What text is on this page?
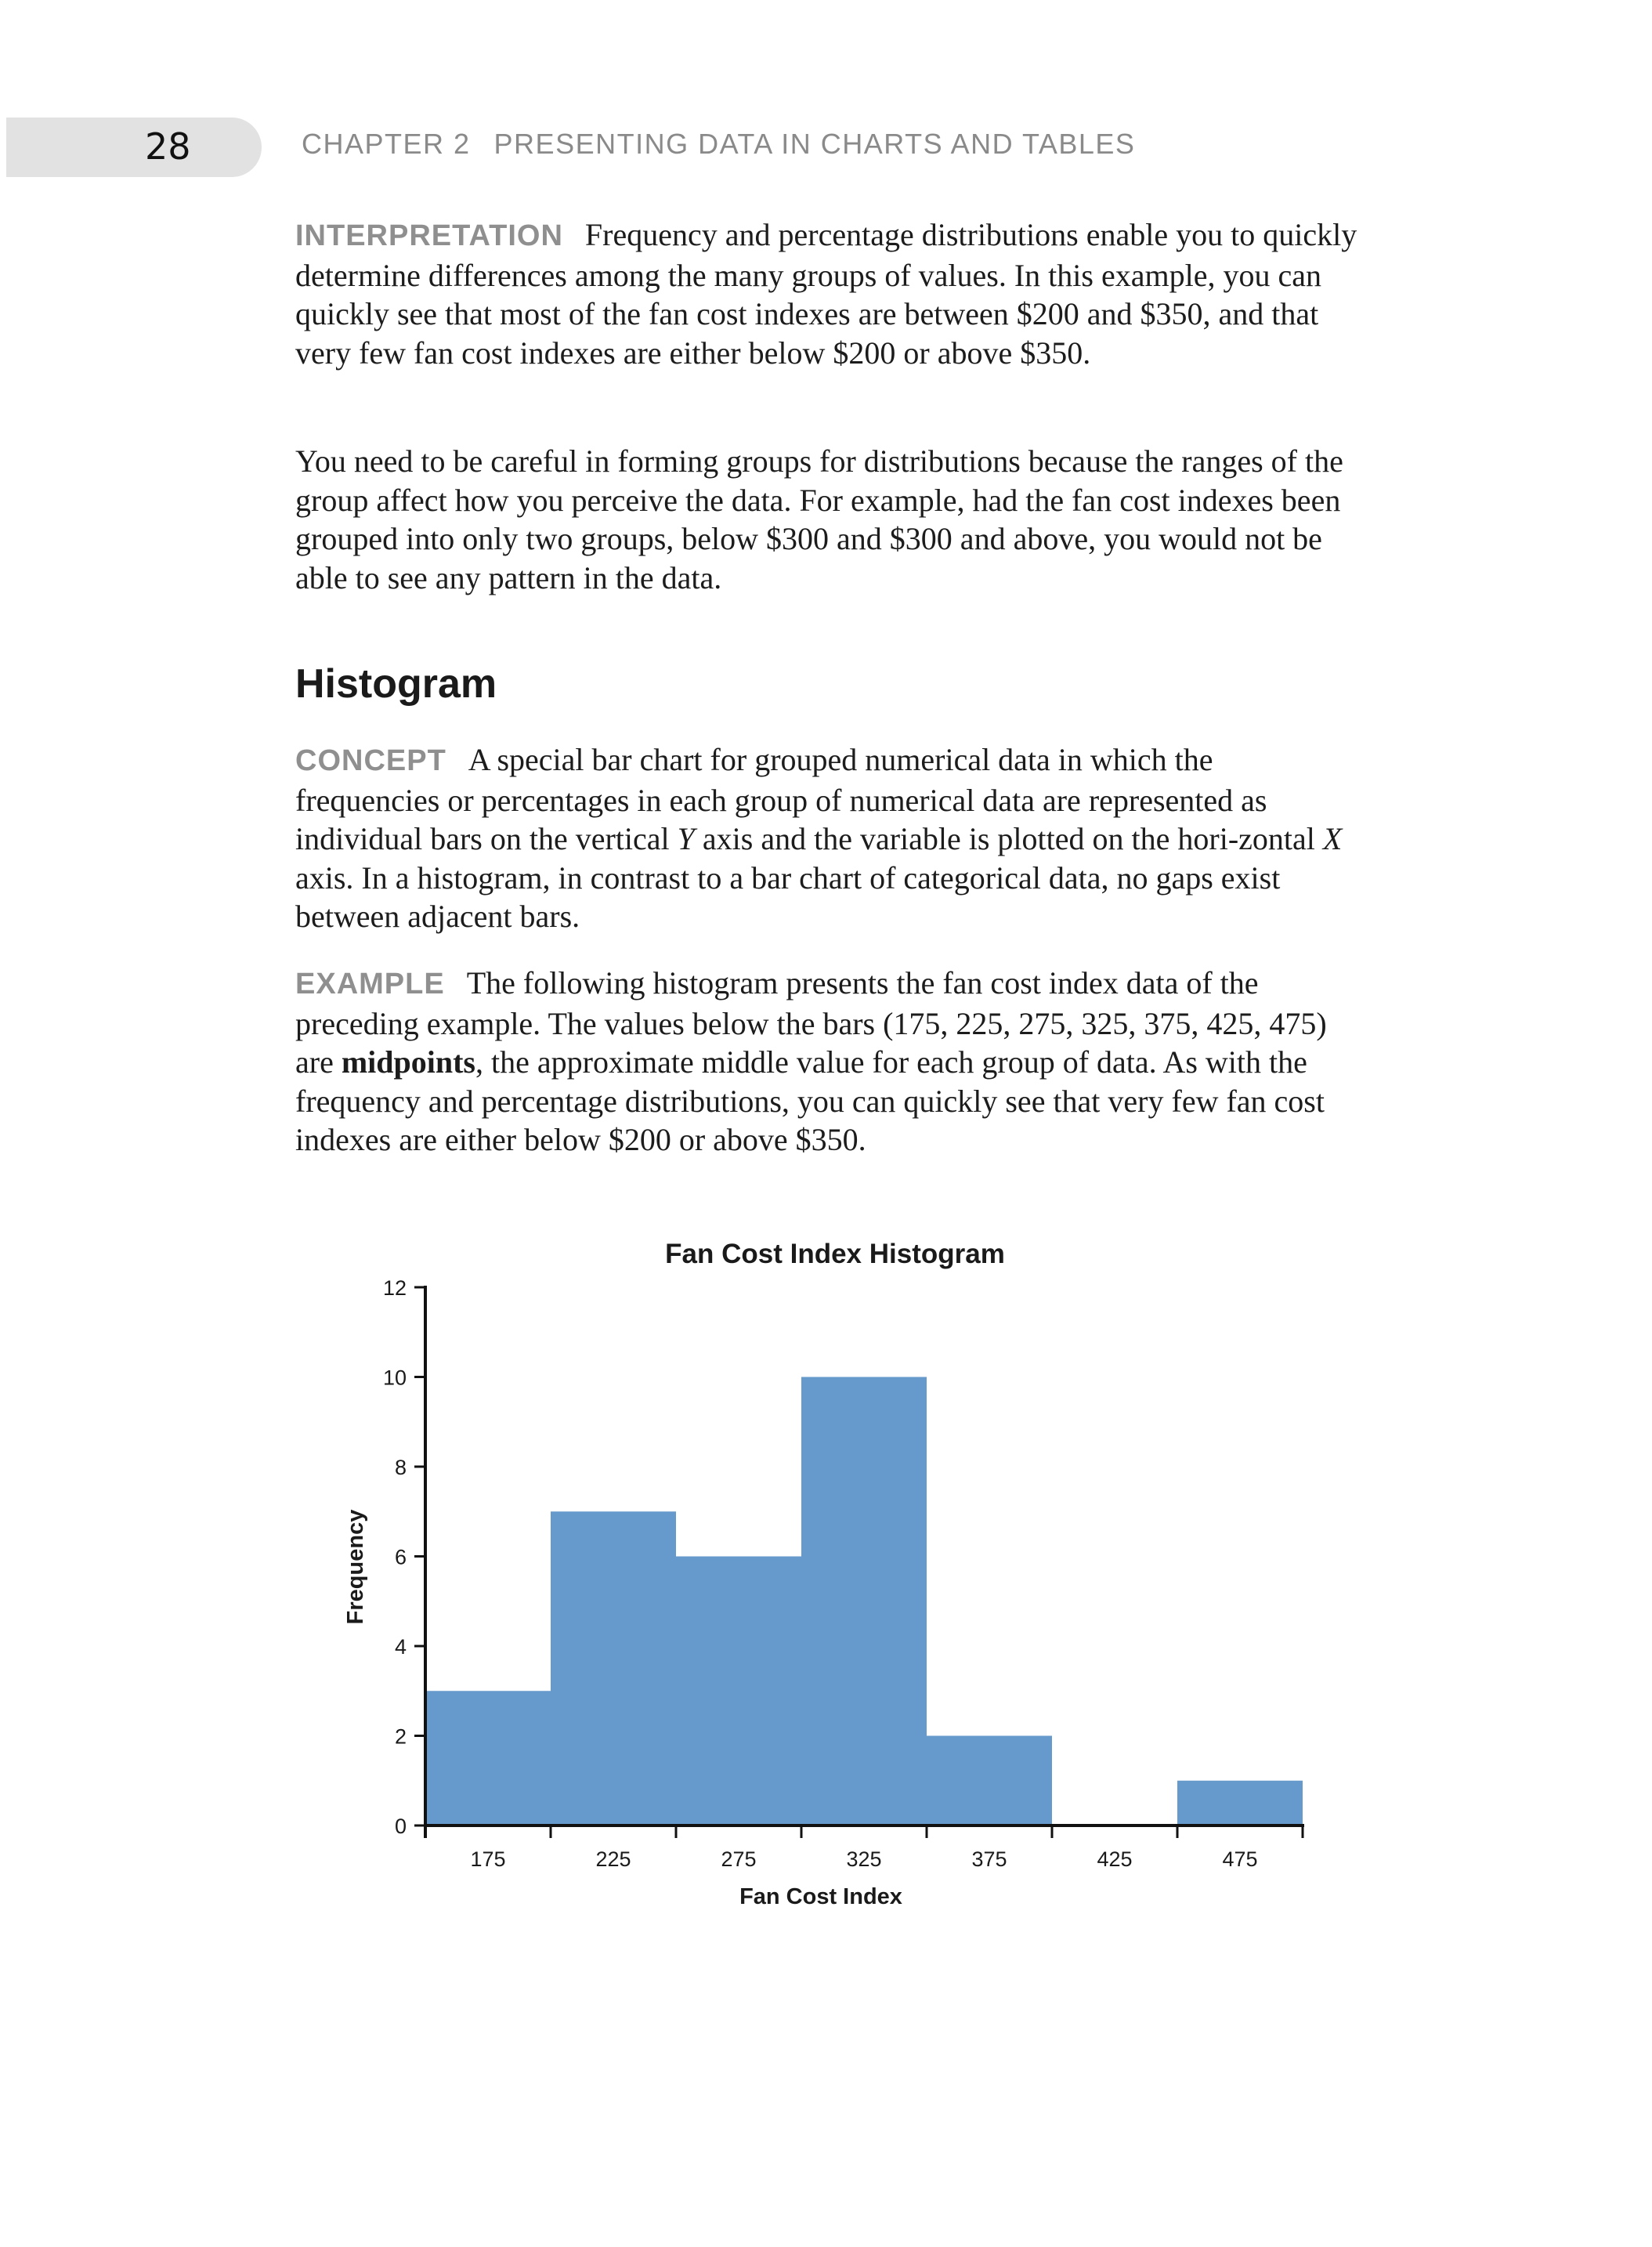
28	CHAPTER 2 PRESENTING DATA IN CHARTS AND TABLES

INTERPRETATION Frequency and percentage distributions enable you to quickly determine differences among the many groups of values. In this example, you can quickly see that most of the fan cost indexes are between $200 and $350, and that very few fan cost indexes are either below $200 or above $350.

You need to be careful in forming groups for distributions because the ranges of the group affect how you perceive the data. For example, had the fan cost indexes been grouped into only two groups, below $300 and $300 and above, you would not be able to see any pattern in the data.

Histogram

CONCEPT A special bar chart for grouped numerical data in which the frequencies or percentages in each group of numerical data are represented as individual bars on the vertical Y axis and the variable is plotted on the hori-zontal X axis. In a histogram, in contrast to a bar chart of categorical data, no gaps exist between adjacent bars.

EXAMPLE The following histogram presents the fan cost index data of the preceding example. The values below the bars (175, 225, 275, 325, 375, 425, 475) are midpoints, the approximate middle value for each group of data. As with the frequency and percentage distributions, you can quickly see that very few fan cost indexes are either below $200 or above $350.

0
2
4
6
8
10
12
175	225	275	325	375	425	475
Fan Cost Index Histogram
Fan Cost Index
Frequency
